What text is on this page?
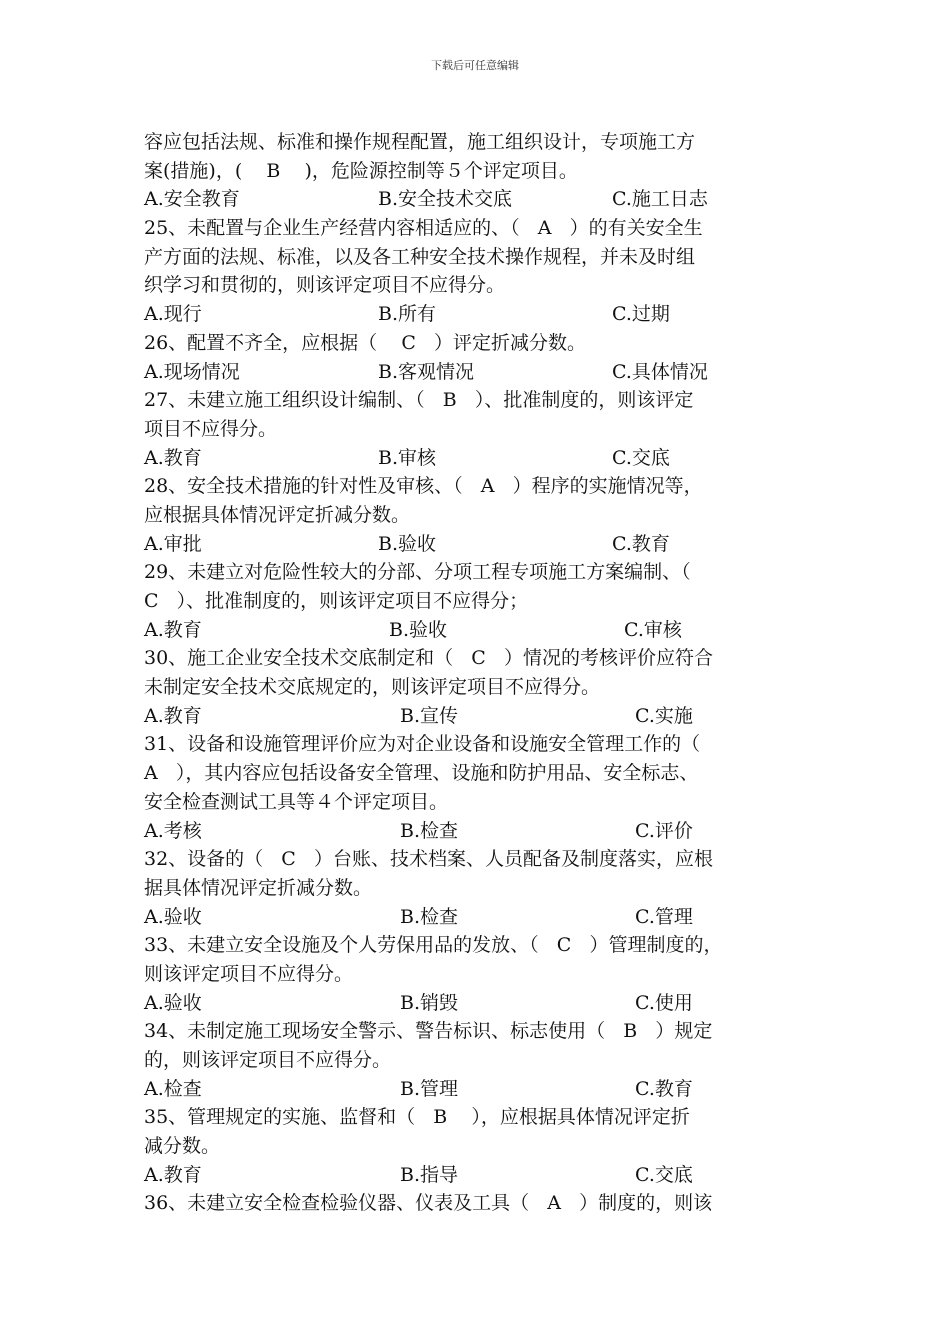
下载后可任意编辑
容应包括法规、标准和操作规程配置，施工组织设计，专项施工方
案(措施)，(    B    )，危险源控制等５个评定项目。

A.安全教育

	B.安全技术交底

	C.施工日志

25、未配置与企业生产经营内容相适应的、（   A   ）的有关安全生
产方面的法规、标准，以及各工种安全技术操作规程，并未及时组
织学习和贯彻的，则该评定项目不应得分。

A.现行

	B.所有

	C.过期

26、配置不齐全，应根据（    C   ）评定折减分数。

A.现场情况

	B.客观情况

	C.具体情况

27、未建立施工组织设计编制、（   B   ）、批准制度的，则该评定
项目不应得分。

A.教育

	B.审核

	C.交底

28、安全技术措施的针对性及审核、（   A   ）程序的实施情况等，
应根据具体情况评定折减分数。

A.审批

	B.验收

	C.教育

29、未建立对危险性较大的分部、分项工程专项施工方案编制、（
C   ）、批准制度的，则该评定项目不应得分；

A.教育

	B.验收

	C.审核

30、施工企业安全技术交底制定和（   C   ）情况的考核评价应符合
未制定安全技术交底规定的，则该评定项目不应得分。

A.教育

	B.宣传

	C.实施

31、设备和设施管理评价应为对企业设备和设施安全管理工作的（
A   ），其内容应包括设备安全管理、设施和防护用品、安全标志、
安全检查测试工具等４个评定项目。

A.考核

	B.检查

	C.评价

32、设备的（   C   ）台账、技术档案、人员配备及制度落实，应根
据具体情况评定折减分数。

A.验收

	B.检查

	C.管理

33、未建立安全设施及个人劳保用品的发放、（   C   ）管理制度的，
则该评定项目不应得分。

A.验收

	B.销毁

	C.使用

34、未制定施工现场安全警示、警告标识、标志使用（   B   ）规定
的，则该评定项目不应得分。

A.检查

	B.管理

	C.教育

35、管理规定的实施、监督和（   B    ），应根据具体情况评定折
减分数。

A.教育

	B.指导

	C.交底

36、未建立安全检查检验仪器、仪表及工具（   A   ）制度的，则该
